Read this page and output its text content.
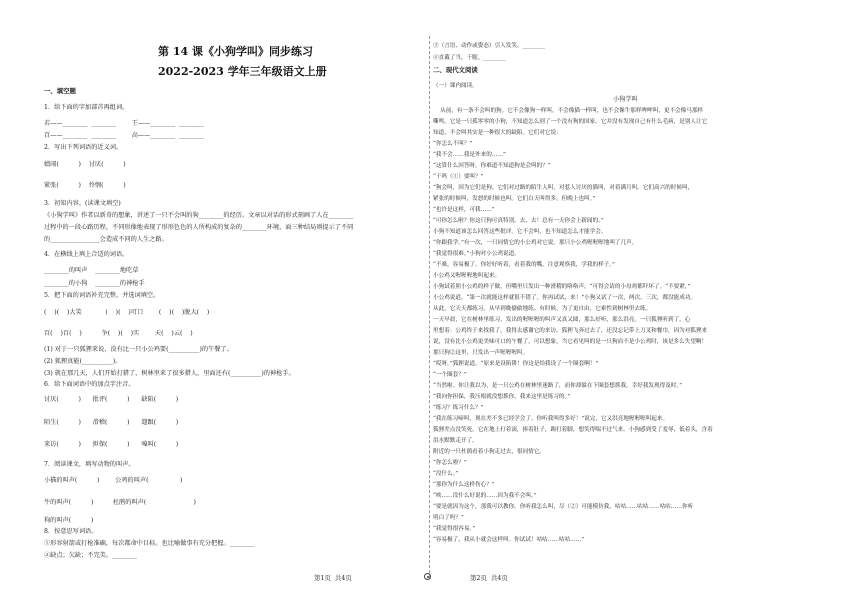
第 14 课《小狗学叫》同步练习
2022-2023 学年三年级语文上册
一、填空题
1．给下面的字加部首再组词。
若——________  ________        王——________  ________
百——________  ________        高——________  ________
2．写出下列词语的近义词。
嬉闹(          )    讨厌(          )
紧张(          )    怜悯(          )
3．初知内容。(读课文填空)
《小狗学叫》作者以新奇的想象，讲述了一只不会叫的狗________的经历。文章以对话的形式刻画了人在________
过程中的一段心路历程，不同形像地表现了形形色色的人所构成的复杂的________环境，面三种结局则提示了不同
的________________会造成不同的人生之路。
4．在横线上填上合适的词语。
________的叫声    ________地吃草
________的小狗    ________的神枪手
5．把下面的词语补充完整，并选词填空。
(    )(    )大笑            (    )(    )可口        (    )(    )脱大(    )
百(    )百(    )          争(    )(    )实        天(    )云(    )
(1) 对于一只狐狸来说，没有比一只小公鸡要(__________)的午餐了。
(2) 狐狸真能(__________)。
(3) 就在那几天，人们开始打猎了，树林里来了很多猎人，里面还有(__________)的神枪手。
6．给下面词语中的加点字注音。
讨厌(          )      批评(          )      缺陷(          )
陌生(          )      滑稽(          )      遛跟(          )
来访(          )      担保(          )      嗓叫(          )
7．阅读课文，填写动物的叫声。
小猫的叫声(          )        公鸡的叫声(                )
牛的叫声(          )          杜鹃的叫声(                        )
狗的叫声(          )
8．按意思写词语。
①形容射箭或打枪准确，每次都命中目标。也比喻做事有充分把握。________
②缺点；欠缺；不完美。________
③（言语、动作或姿态）引人发笑。________
④直截了当，干脆。________
二、现代文阅读
（一）课内阅读。
小狗学叫
从前，有一条不会叫的狗。它不会像狗一样叫，不会像猫一样叫，也不会像牛那样哞哞叫，更不会像马那样
嘶鸣。它是一只孤零零的小狗，不知道怎么到了一个没有狗的国家。它并没有发现自己有什么毛病，是别人让它
知道，不会叫其实是一种很大的缺陷。它们对它说：
“你怎么不叫？”
“我不会……我是外来的……”
“这算什么回答呀。你难道不知道狗是会叫的？”
“干吗（①）要叫？”
“狗会叫，因为它们是狗。它们对过路的陌生人叫，对惹人讨厌的猫叫，对着满月叫。它们高兴的时候叫，
紧张的时候叫，发怒的时候也叫。它们白天叫得多，但晚上也叫。”
“也许是这样，可我……”
“可你怎么啦？你这只狗可真特别，去，去！总有一天你会上新闻的。”
小狗不知道该怎么回答这些批评。它不会叫，也不知道怎么才能学会。
“你跟我学。”有一次，一只同情它的小公鸡对它说。那只小公鸡喔喔喔地叫了几声。
“我觉得很难。”小狗对小公鸡说道。
“不难，容易极了。你好好听着，看着我的嘴，注意观察我，学我的样子。”
小公鸡又喔喔喔地叫起来。
小狗试着照小公鸡的样子做，但嘴里只发出一种滑稽的咯咯声，“可得会请的小母鸡都吓坏了。“不要紧，”
小公鸡说道，“第一次就能这样就很不错了。你再试试，来！”小狗又试了一次，两次，三次，都没能成功。
从此，它天天都练习，从早到晚偷偷地练。有时候，为了更自由，它索性到树林里去练。
一天早晨，它在树林里练习，发出的喔喔喔的叫声又真又圆，那么好听，那么洪亮。一只狐狸听到了，心
里想着：公鸡终于来找我了，我得去感谢它的来访。狐狸飞奔过去了，还没忘记带上刀叉和餐巾，因为对狐狸来
说，没有比小公鸡更美味可口的午餐了。可以想象，当它看见叫的是一只狗而不是小公鸡时，该是多么失望啊！
那只狗②这里，只发出一声喔喔喔叫。
“哎呀，”狐狸说道，“原来是设陷阱！你这是给我设了一个圈套啊！”
“一个圈套？”
“当然啦。你让我以为，是一只公鸡在树林里迷路了，而你却躲在下圈套想抓我。幸好我发现得及时。”
“我向你担保，我压根就没想抓你，我来这里是练习的。”
“练习？练习什么？”
“我在练习啼叫，现在差不多已经学会了。你听我叫得多好！”说完，它又洪亮地喔喔喔叫起来。
狐狸差点没笑死。它在地上打着滚，捧着肚子，踢打着脚，想笑得喘不过气来。小狗感到受了羞辱，低着头，含着
泪水默默走开了。
附近的一只杜鹃看着小狗走过去，很同情它。
“你怎么啦？”
“没什么。”
“那你为什么这样伤心？”
“唉……没什么好说的……因为我不会叫。”
“要是就因为这个，那我可以教你。你听我怎么叫，尽（②）可能模仿我，咕咕……咕咕……咕咕……你听
明白了吗？”
“我觉得很容易。”
“容易极了，我从小就会这样叫。你试试！咕咕……咕咕……”
第1页  共4页	第2页  共4页
